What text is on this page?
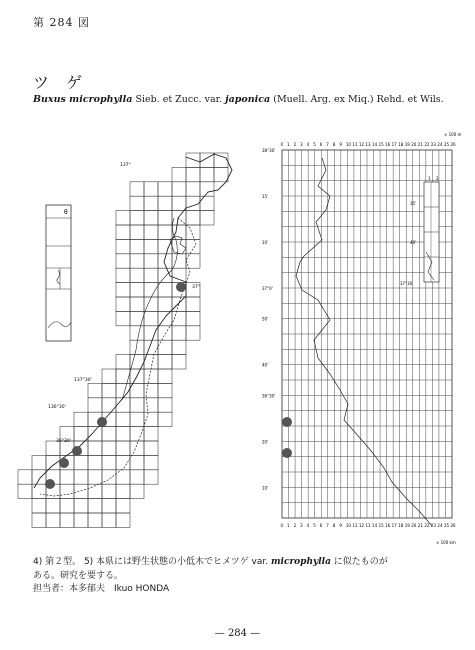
第 284 図
ツ ゲ
Buxus microphylla Sieb. et Zucc. var. japonica (Muell. Arg. ex Miq.) Rehd. et Wils.
θ
137°
137°30'
136°30'
37°
36°30'
0
0
1
1
2
2
3
3
4
4
5
5
6
6
7
7
8
8
9
9
10
10
11
11
12
12
13
13
14
14
15
15
16
16
17
17
18
18
19
19
20
20
21
21
22
22
23
23
24
24
25
25
26
26
38°30'
15'
10'
37°0'
50'
40'
36°30'
20'
10'
35'
40'
37°30'
1 2
× 100 m
× 100 km
4) 第２型。 5) 本県には野生状態の小低木でヒメツゲ var. microphylla に似たものが
ある。研究を要する。
担当者：本多郁夫　Ikuo HONDA
— 284 —
